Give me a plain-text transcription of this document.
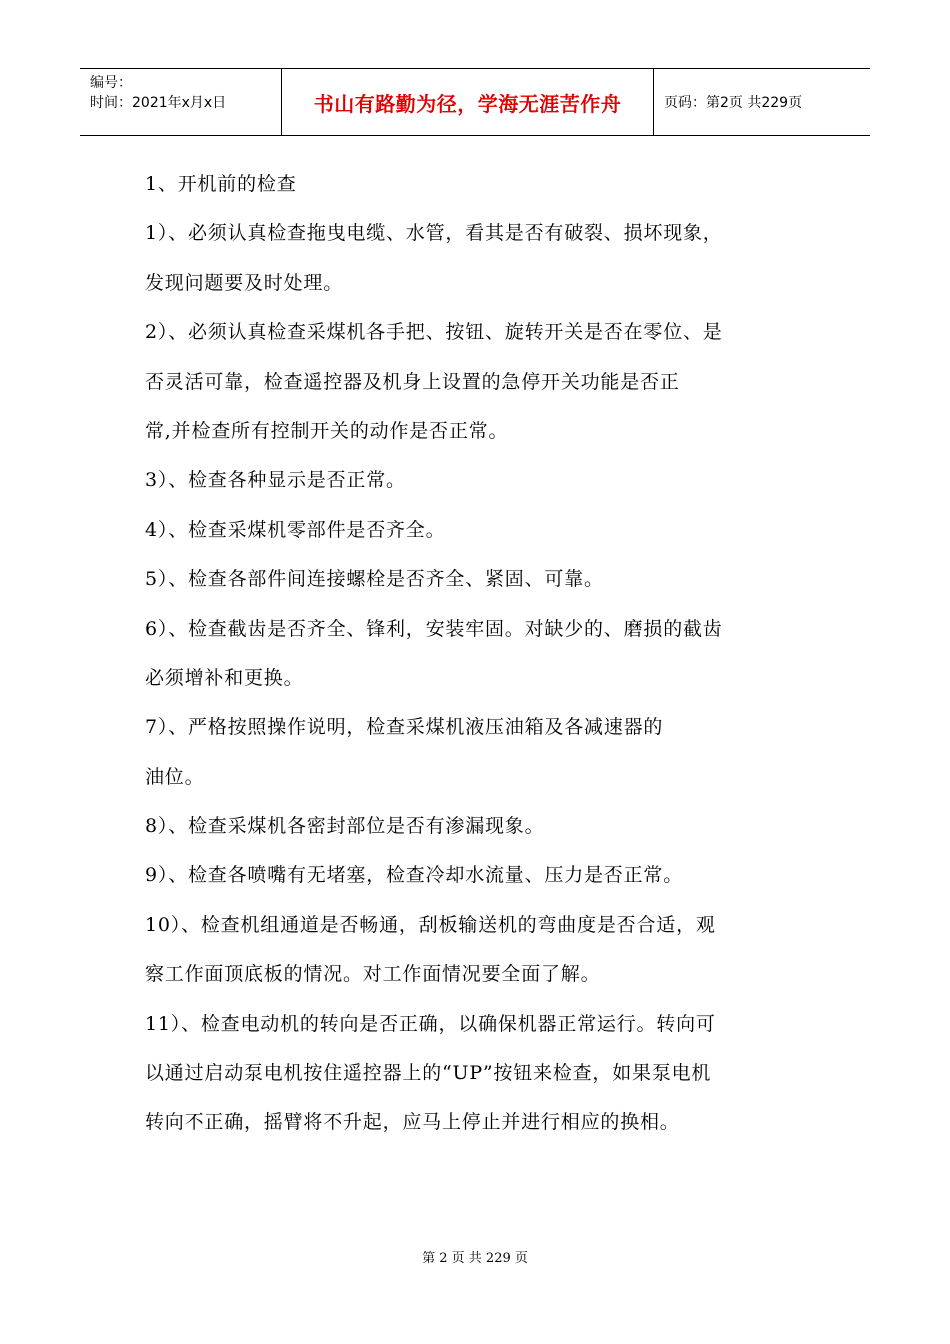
编号：
时间：2021年x月x日	书山有路勤为径，学海无涯苦作舟	页码：第2页 共229页
1、开机前的检查
1）、必须认真检查拖曳电缆、水管，看其是否有破裂、损坏现象，
发现问题要及时处理。
2）、必须认真检查采煤机各手把、按钮、旋转开关是否在零位、是
否灵活可靠，检查遥控器及机身上设置的急停开关功能是否正
常,并检查所有控制开关的动作是否正常。
3）、检查各种显示是否正常。
4）、检查采煤机零部件是否齐全。
5）、检查各部件间连接螺栓是否齐全、紧固、可靠。
6）、检查截齿是否齐全、锋利，安装牢固。对缺少的、磨损的截齿
必须增补和更换。
7）、严格按照操作说明，检查采煤机液压油箱及各减速器的
油位。
8）、检查采煤机各密封部位是否有渗漏现象。
9）、检查各喷嘴有无堵塞，检查冷却水流量、压力是否正常。
10）、检查机组通道是否畅通，刮板输送机的弯曲度是否合适，观
察工作面顶底板的情况。对工作面情况要全面了解。
11）、检查电动机的转向是否正确，以确保机器正常运行。转向可
以通过启动泵电机按住遥控器上的“UP”按钮来检查，如果泵电机
转向不正确，摇臂将不升起，应马上停止并进行相应的换相。
第 2 页 共 229 页
